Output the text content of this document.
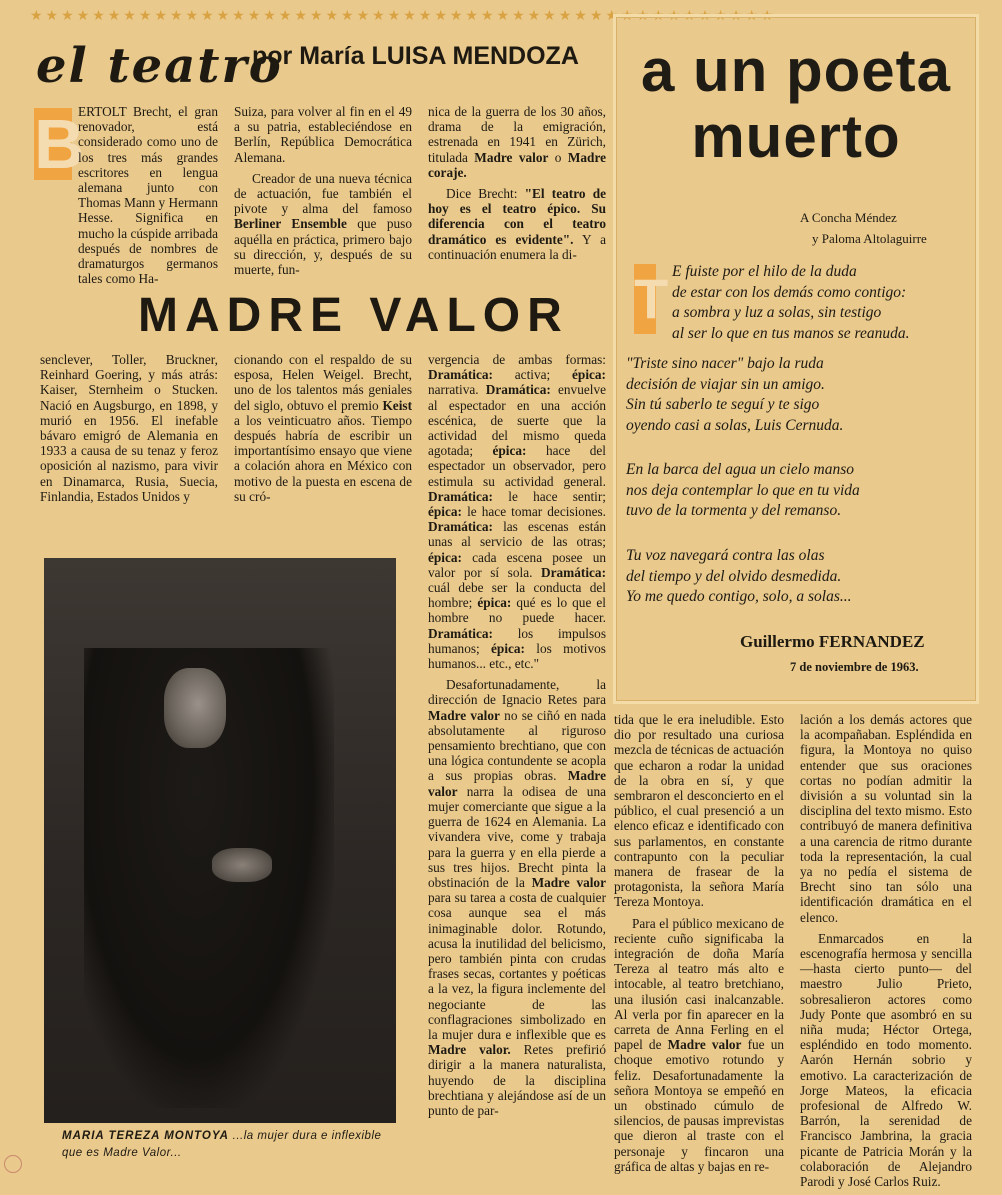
★★★★★★★★★★★★★★★★★★★★★★★★★★★★★★★★★★★★★★★★★★★★★★★★
el teatro
por María LUISA MENDOZA
B

ERTOLT Brecht, el gran renovador, está considerado como uno de los tres más grandes escritores en lengua alemana junto con Thomas Mann y Hermann Hesse. Significa en mucho la cúspide arribada después de nombres de dramaturgos germanos tales como Ha-

Suiza, para volver al fin en el 49 a su patria, estableciéndose en Berlín, República Democrática Alemana.

Creador de una nueva técnica de actuación, fue también el pivote y alma del famoso Berliner Ensemble que puso aquélla en práctica, primero bajo su dirección, y, después de su muerte, fun-

nica de la guerra de los 30 años, drama de la emigración, estrenada en 1941 en Zürich, titulada Madre valor o Madre coraje.

Dice Brecht: "El teatro de hoy es el teatro épico. Su diferencia con el teatro dramático es evidente". Y a continuación enumera la di-

MADRE VALOR

senclever, Toller, Bruckner, Reinhard Goering, y más atrás: Kaiser, Sternheim o Stucken. Nació en Augsburgo, en 1898, y murió en 1956. El inefable bávaro emigró de Alemania en 1933 a causa de su tenaz y feroz oposición al nazismo, para vivir en Dinamarca, Rusia, Suecia, Finlandia, Estados Unidos y

cionando con el respaldo de su esposa, Helen Weigel. Brecht, uno de los talentos más geniales del siglo, obtuvo el premio Keist a los veinticuatro años. Tiempo después habría de escribir un importantísimo ensayo que viene a colación ahora en México con motivo de la puesta en escena de su cró-

vergencia de ambas formas: Dramática: activa; épica: narrativa. Dramática: envuelve al espectador en una acción escénica, de suerte que la actividad del mismo queda agotada; épica: hace del espectador un observador, pero estimula su actividad general. Dramática: le hace sentir; épica: le hace tomar decisiones. Dramática: las escenas están unas al servicio de las otras; épica: cada escena posee un valor por sí sola. Dramática: cuál debe ser la conducta del hombre; épica: qué es lo que el hombre no puede hacer. Dramática: los impulsos humanos; épica: los motivos humanos... etc., etc."

Desafortunadamente, la dirección de Ignacio Retes para Madre valor no se ciñó en nada absolutamente al riguroso pensamiento brechtiano, que con una lógica contundente se acopla a sus propias obras. Madre valor narra la odisea de una mujer comerciante que sigue a la guerra de 1624 en Alemania. La vivandera vive, come y trabaja para la guerra y en ella pierde a sus tres hijos. Brecht pinta la obstinación de la Madre valor para su tarea a costa de cualquier cosa aunque sea el más inimaginable dolor. Rotundo, acusa la inutilidad del belicismo, pero también pinta con crudas frases secas, cortantes y poéticas a la vez, la figura inclemente del negociante de las conflagraciones simbolizado en la mujer dura e inflexible que es Madre valor. Retes prefirió dirigir a la manera naturalista, huyendo de la disciplina brechtiana y alejándose así de un punto de par-

tida que le era ineludible. Esto dio por resultado una curiosa mezcla de técnicas de actuación que echaron a rodar la unidad de la obra en sí, y que sembraron el desconcierto en el público, el cual presenció a un elenco eficaz e identificado con sus parlamentos, en constante contrapunto con la peculiar manera de frasear de la protagonista, la señora María Tereza Montoya.

Para el público mexicano de reciente cuño significaba la integración de doña María Tereza al teatro más alto e intocable, al teatro bretchiano, una ilusión casi inalcanzable. Al verla por fin aparecer en la carreta de Anna Ferling en el papel de Madre valor fue un choque emotivo rotundo y feliz. Desafortunadamente la señora Montoya se empeñó en un obstinado cúmulo de silencios, de pausas imprevistas que dieron al traste con el personaje y fincaron una gráfica de altas y bajas en re-

lación a los demás actores que la acompañaban. Espléndida en figura, la Montoya no quiso entender que sus oraciones cortas no podían admitir la división a su voluntad sin la disciplina del texto mismo. Esto contribuyó de manera definitiva a una carencia de ritmo durante toda la representación, la cual ya no pedía el sistema de Brecht sino tan sólo una identificación dramática en el elenco.

Enmarcados en la escenografía hermosa y sencilla —hasta cierto punto— del maestro Julio Prieto, sobresalieron actores como Judy Ponte que asombró en su niña muda; Héctor Ortega, espléndido en todo momento. Aarón Hernán sobrio y emotivo. La caracterización de Jorge Mateos, la eficacia profesional de Alfredo W. Barrón, la serenidad de Francisco Jambrina, la gracia picante de Patricia Morán y la colaboración de Alejandro Parodi y José Carlos Ruiz.

MARIA TEREZA MONTOYA ...la mujer dura e inflexible que es Madre Valor...
a un poeta
muerto
A Concha Méndez
y Paloma Altolaguirre
T E fuiste por el hilo de la duda
de estar con los demás como contigo:
a sombra y luz a solas, sin testigo
al ser lo que en tus manos se reanuda.
"Triste sino nacer" bajo la ruda
decisión de viajar sin un amigo.
Sin tú saberlo te seguí y te sigo
oyendo casi a solas, Luis Cernuda.
En la barca del agua un cielo manso
nos deja contemplar lo que en tu vida
tuvo de la tormenta y del remanso.
Tu voz navegará contra las olas
del tiempo y del olvido desmedida.
Yo me quedo contigo, solo, a solas...
Guillermo FERNANDEZ
7 de noviembre de 1963.
